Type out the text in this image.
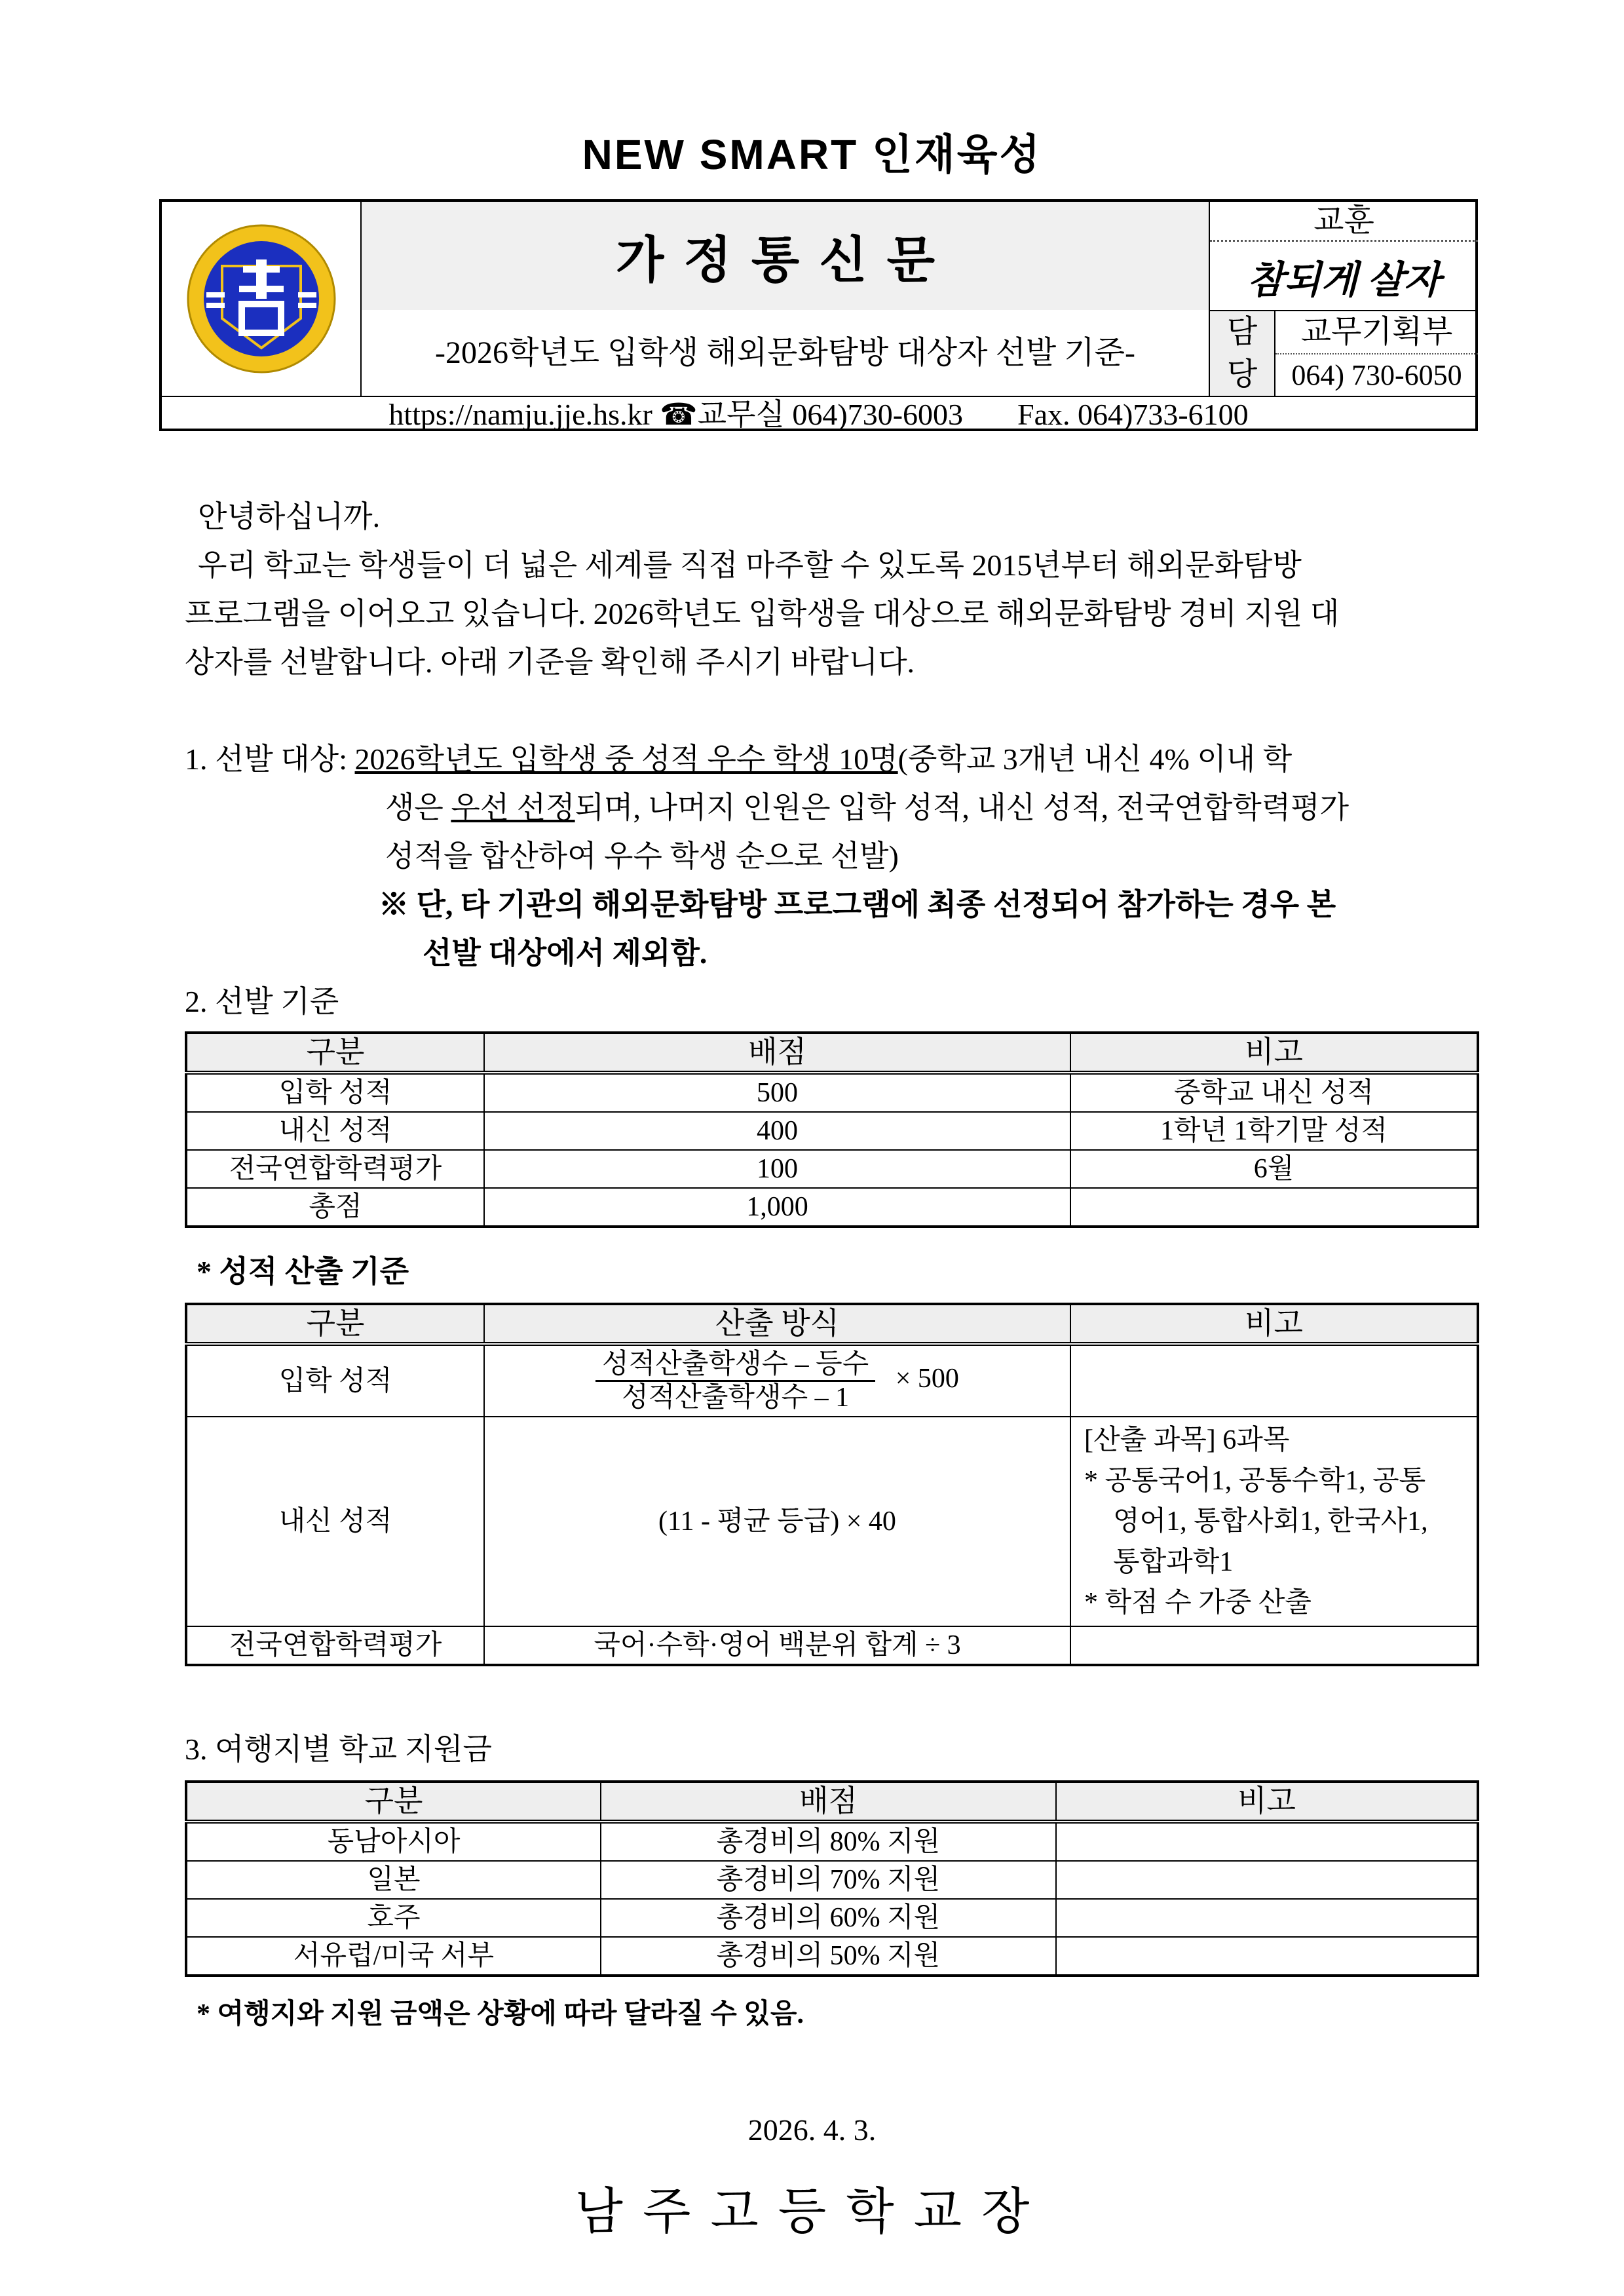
NEW SMART 인재육성
가정통신문
-2026학년도 입학생 해외문화탐방 대상자 선발 기준-
교훈
참되게 살자
담
당
교무기획부
064) 730-6050
https://namju.jje.hs.kr ☎교무실 064)730-6003 Fax. 064)733-6100

안녕하십니까.

우리 학교는 학생들이 더 넓은 세계를 직접 마주할 수 있도록 2015년부터 해외문화탐방

프로그램을 이어오고 있습니다. 2026학년도 입학생을 대상으로 해외문화탐방 경비 지원 대

상자를 선발합니다. 아래 기준을 확인해 주시기 바랍니다.

1. 선발 대상: 2026학년도 입학생 중 성적 우수 학생 10명(중학교 3개년 내신 4% 이내 학

생은 우선 선정되며, 나머지 인원은 입학 성적, 내신 성적, 전국연합학력평가

성적을 합산하여 우수 학생 순으로 선발)

※ 단, 타 기관의 해외문화탐방 프로그램에 최종 선정되어 참가하는 경우 본

선발 대상에서 제외함.

2. 선발 기준

구분	배점	비고
입학 성적	500	중학교 내신 성적
내신 성적	400	1학년 1학기말 성적
전국연합학력평가	100	6월
총점	1,000	

* 성적 산출 기준

구분	산출 방식	비고
입학 성적	$\frac{\text{성적산출학생수 – 등수}}{\text{성적산출학생수 – 1}} \times 500$	
내신 성적	(11 - 평균 등급) × 40	[산출 과목] 6과목
* 공통국어1, 공통수학1, 공통
영어1, 통합사회1, 한국사1,
통합과학1
* 학점 수 가중 산출

전국연합학력평가	국어·수학·영어 백분위 합계 ÷ 3	

3. 여행지별 학교 지원금

구분	배점	비고
동남아시아	총경비의 80% 지원	
일본	총경비의 70% 지원	
호주	총경비의 60% 지원	
서유럽/미국 서부	총경비의 50% 지원	

* 여행지와 지원 금액은 상황에 따라 달라질 수 있음.

2026. 4. 3.
남주고등학교장
